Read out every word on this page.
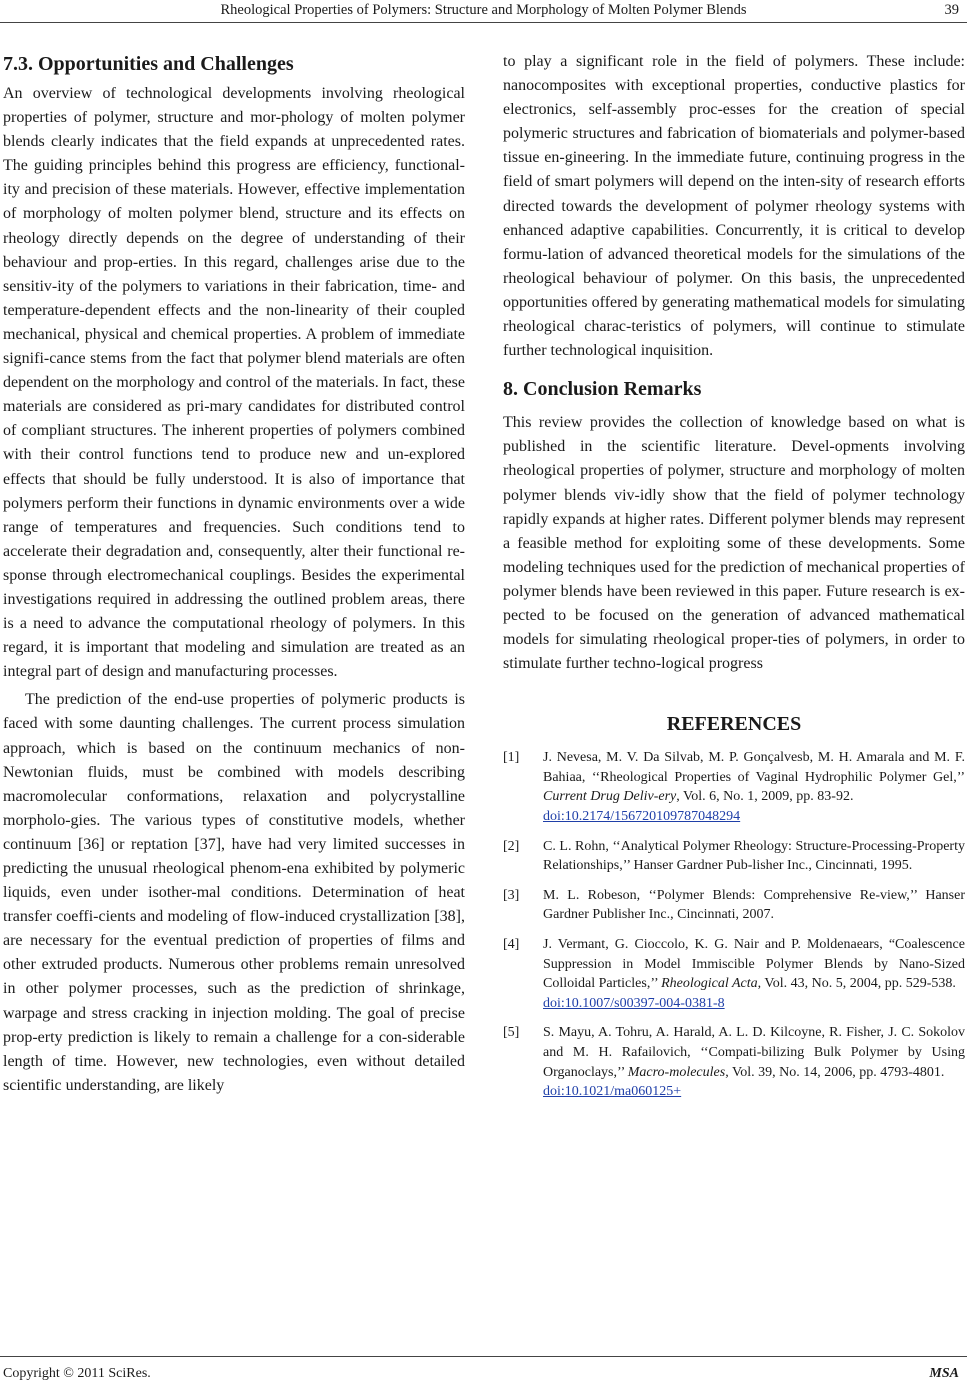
Rheological Properties of Polymers: Structure and Morphology of Molten Polymer Blends	39
7.3. Opportunities and Challenges

An overview of technological developments involving rheological properties of polymer, structure and mor-phology of molten polymer blends clearly indicates that the field expands at unprecedented rates. The guiding principles behind this progress are efficiency, functional-ity and precision of these materials. However, effective implementation of morphology of molten polymer blend, structure and its effects on rheology directly depends on the degree of understanding of their behaviour and prop-erties. In this regard, challenges arise due to the sensitiv-ity of the polymers to variations in their fabrication, time- and temperature-dependent effects and the non-linearity of their coupled mechanical, physical and chemical properties. A problem of immediate signifi-cance stems from the fact that polymer blend materials are often dependent on the morphology and control of the materials. In fact, these materials are considered as pri-mary candidates for distributed control of compliant structures. The inherent properties of polymers combined with their control functions tend to produce new and un-explored effects that should be fully understood. It is also of importance that polymers perform their functions in dynamic environments over a wide range of temperatures and frequencies. Such conditions tend to accelerate their degradation and, consequently, alter their functional re-sponse through electromechanical couplings. Besides the experimental investigations required in addressing the outlined problem areas, there is a need to advance the computational rheology of polymers. In this regard, it is important that modeling and simulation are treated as an integral part of design and manufacturing processes.

The prediction of the end-use properties of polymeric products is faced with some daunting challenges. The current process simulation approach, which is based on the continuum mechanics of non-Newtonian fluids, must be combined with models describing macromolecular conformations, relaxation and polycrystalline morpholo-gies. The various types of constitutive models, whether continuum [36] or reptation [37], have had very limited successes in predicting the unusual rheological phenom-ena exhibited by polymeric liquids, even under isother-mal conditions. Determination of heat transfer coeffi-cients and modeling of flow-induced crystallization [38], are necessary for the eventual prediction of properties of films and other extruded products. Numerous other problems remain unresolved in other polymer processes, such as the prediction of shrinkage, warpage and stress cracking in injection molding. The goal of precise prop-erty prediction is likely to remain a challenge for a con-siderable length of time. However, new technologies, even without detailed scientific understanding, are likely

to play a significant role in the field of polymers. These include: nanocomposites with exceptional properties, conductive plastics for electronics, self-assembly proc-esses for the creation of special polymeric structures and fabrication of biomaterials and polymer-based tissue en-gineering. In the immediate future, continuing progress in the field of smart polymers will depend on the inten-sity of research efforts directed towards the development of polymer rheology systems with enhanced adaptive capabilities. Concurrently, it is critical to develop formu-lation of advanced theoretical models for the simulations of the rheological behaviour of polymer. On this basis, the unprecedented opportunities offered by generating mathematical models for simulating rheological charac-teristics of polymers, will continue to stimulate further technological inquisition.

8. Conclusion Remarks

This review provides the collection of knowledge based on what is published in the scientific literature. Devel-opments involving rheological properties of polymer, structure and morphology of molten polymer blends viv-idly show that the field of polymer technology rapidly expands at higher rates. Different polymer blends may represent a feasible method for exploiting some of these developments. Some modeling techniques used for the prediction of mechanical properties of polymer blends have been reviewed in this paper. Future research is ex-pected to be focused on the generation of advanced mathematical models for simulating rheological proper-ties of polymers, in order to stimulate further techno-logical progress

REFERENCES

[1] J. Nevesa, M. V. Da Silvab, M. P. Gonçalvesb, M. H. Amarala and M. F. Bahiaa, ‘‘Rheological Properties of Vaginal Hydrophilic Polymer Gel,’’ Current Drug Deliv-ery, Vol. 6, No. 1, 2009, pp. 83-92.
doi:10.2174/156720109787048294

[2] C. L. Rohn, ‘‘Analytical Polymer Rheology: Structure-Processing-Property Relationships,’’ Hanser Gardner Pub-lisher Inc., Cincinnati, 1995.

[3] M. L. Robeson, ‘‘Polymer Blends: Comprehensive Re-view,’’ Hanser Gardner Publisher Inc., Cincinnati, 2007.

[4] J. Vermant, G. Cioccolo, K. G. Nair and P. Moldenaears, “Coalescence Suppression in Model Immiscible Polymer Blends by Nano-Sized Colloidal Particles,’’ Rheological Acta, Vol. 43, No. 5, 2004, pp. 529-538.
doi:10.1007/s00397-004-0381-8

[5] S. Mayu, A. Tohru, A. Harald, A. L. D. Kilcoyne, R. Fisher, J. C. Sokolov and M. H. Rafailovich, ‘‘Compati-bilizing Bulk Polymer by Using Organoclays,’’ Macro-molecules, Vol. 39, No. 14, 2006, pp. 4793-4801.
doi:10.1021/ma060125+

Copyright © 2011 SciRes.	MSA
